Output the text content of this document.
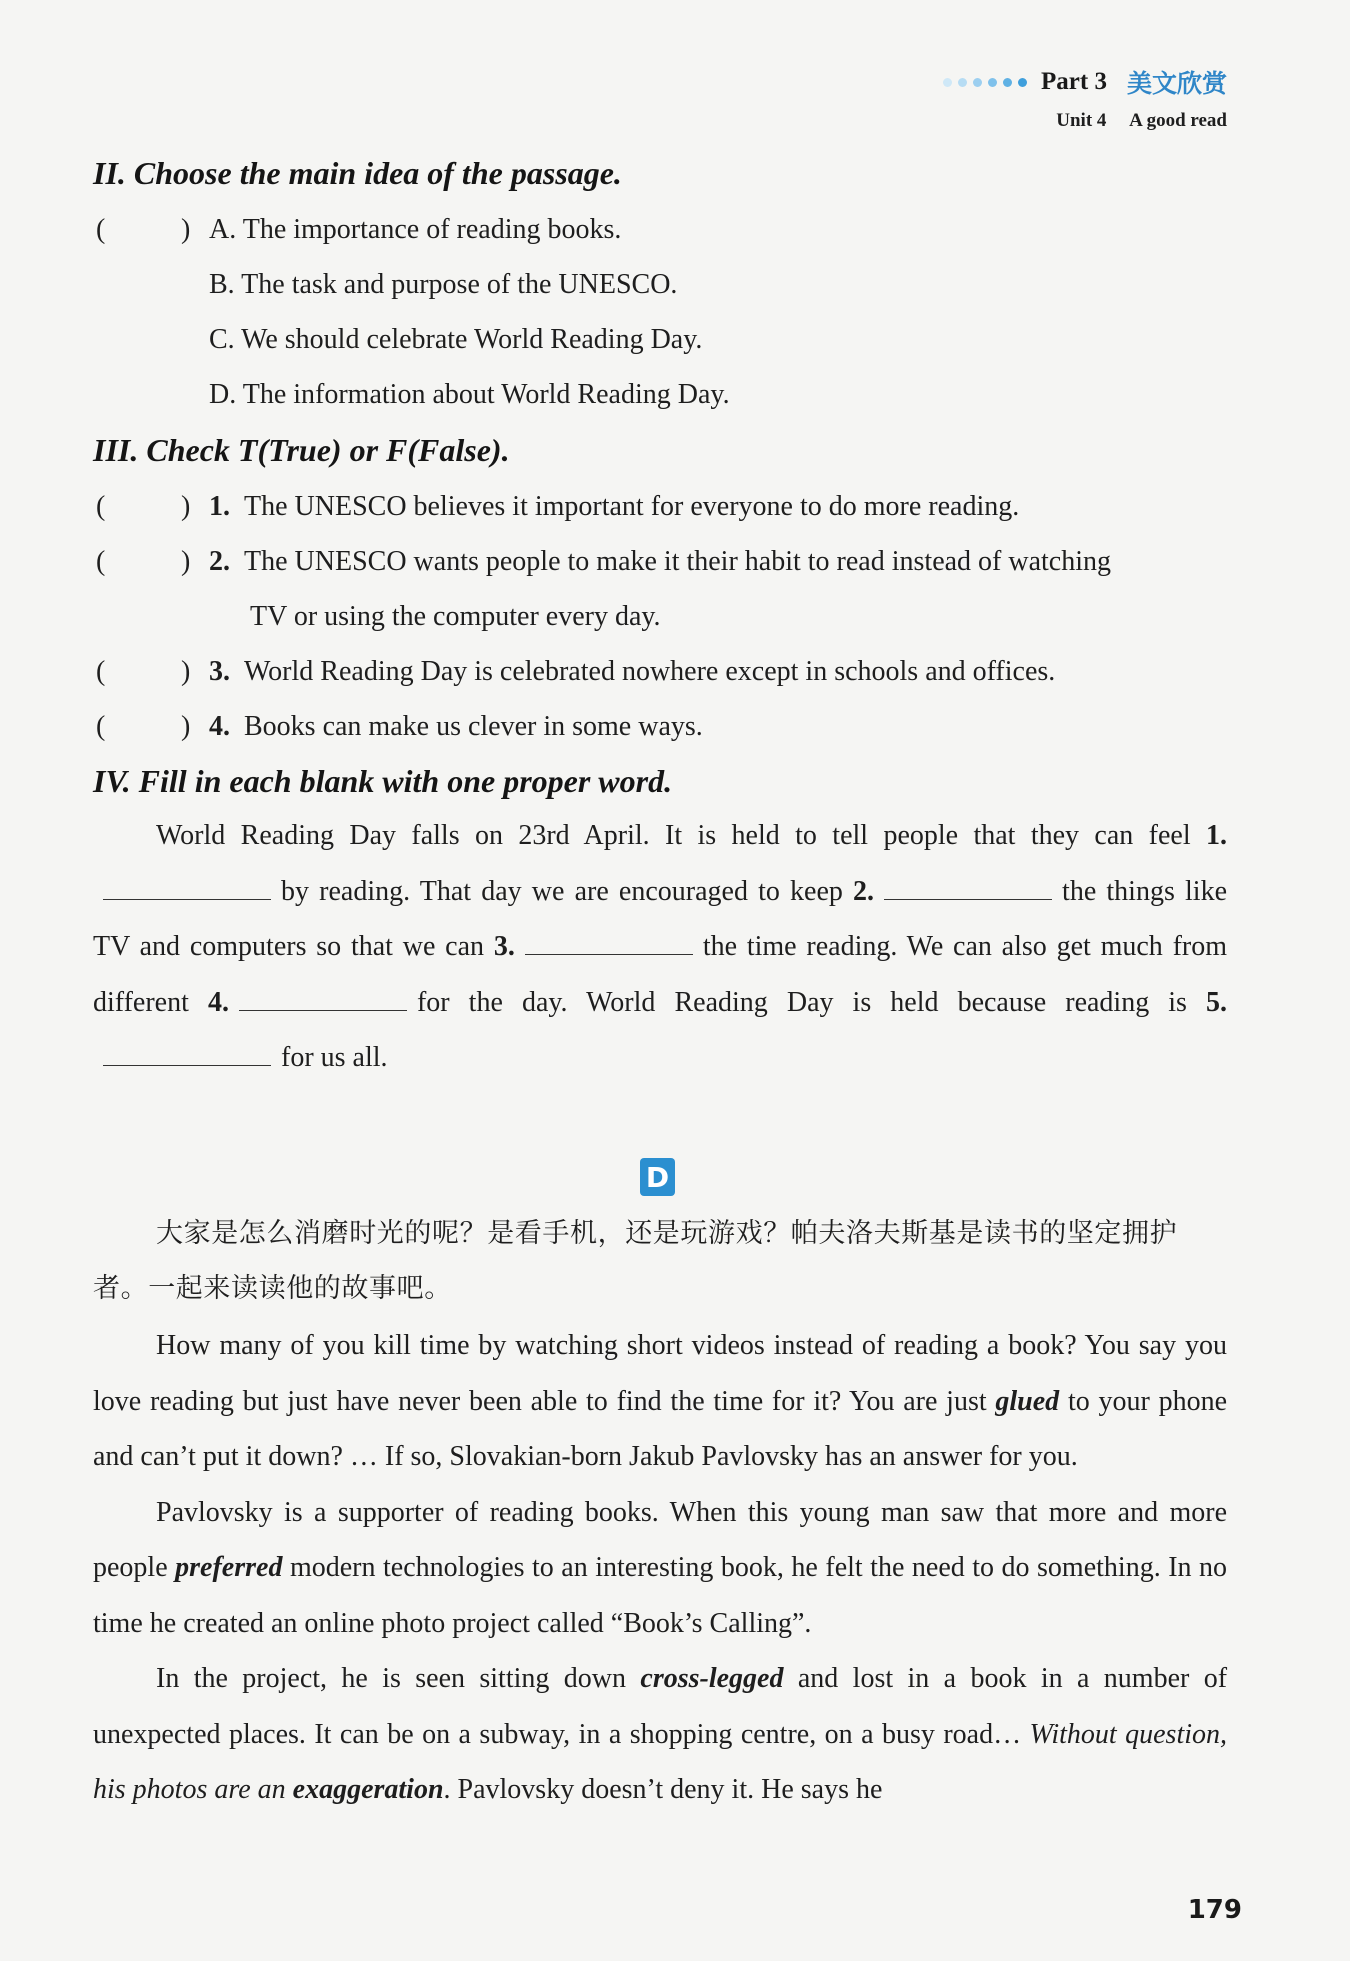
Part 3 美文欣赏
Unit 4 A good read
II. Choose the main idea of the passage.
(	) A. The importance of reading books.
B. The task and purpose of the UNESCO.
C. We should celebrate World Reading Day.
D. The information about World Reading Day.
III. Check T(True) or F(False).
(	) 1. The UNESCO believes it important for everyone to do more reading.
(	) 2. The UNESCO wants people to make it their habit to read instead of watching
TV or using the computer every day.
(	) 3. World Reading Day is celebrated nowhere except in schools and offices.
(	) 4. Books can make us clever in some ways.
IV. Fill in each blank with one proper word.

World Reading Day falls on 23rd April. It is held to tell people that they can feel 1.by reading. That day we are encouraged to keep 2.	the things like TV and computers so that we can 3.	the time reading. We can also get much from different 4.	for the day. World Reading Day is held because reading is 5.for us all.

D

大家是怎么消磨时光的呢？是看手机，还是玩游戏？帕夫洛夫斯基是读书的坚定拥护者。一起来读读他的故事吧。

How many of you kill time by watching short videos instead of reading a book? You say you love reading but just have never been able to find the time for it? You are just glued to your phone and can’t put it down? … If so, Slovakian-born Jakub Pavlovsky has an answer for you.

Pavlovsky is a supporter of reading books. When this young man saw that more and more people preferred modern technologies to an interesting book, he felt the need to do something. In no time he created an online photo project called “Book’s Calling”.

In the project, he is seen sitting down cross-legged and lost in a book in a number of unexpected places. It can be on a subway, in a shopping centre, on a busy road… Without question, his photos are an exaggeration. Pavlovsky doesn’t deny it. He says he

179
